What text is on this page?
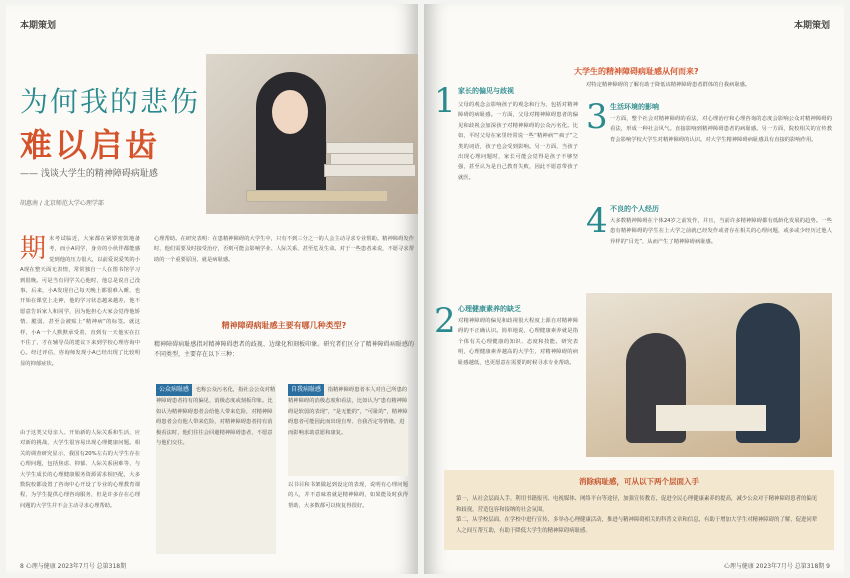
本期策划
为何我的悲伤
难以启齿
—— 浅谈大学生的精神障碍病耻感
胡惠南 / 北京师范大学心理学部
期 末考试临近，大家都在紧锣密鼓地备考，而小A同学，身旁的小伙伴都能感觉到他的压力很大，以前爱说爱笑的小A现在整天面无表情，常常独自一人在图书馆学习到很晚。可是当有同学关心他时，他总是说自己没事。后来，小A发现自己每天晚上都很难入睡，也开始在课堂上走神，他的学习状态越来越差，他不愿意告诉家人和同学，因为他担心大家会觉得他矫情、脆弱，甚至会被贴上“精神病”的标签。就这样，小A一个人默默承受着，直到有一天他实在扛不住了，才在辅导员的建议下来到学校心理咨询中心。经过评估，咨询师发现小A已经出现了比较明显的抑郁症状。
由于这类父母亲人、开始新的人际关系和生活，应对新的挑战，大学生很容易出现心理健康问题。相关的调查研究显示，我国有20%左右的大学生存在心理问题，包括焦虑、抑郁、人际关系困难等，与大学生成长的心理健康服务资源需求相匹配，大多数院校都设置了咨询中心开设了专业的心理教育课程，为学生提供心理咨询服务，但是许多存在心理问题的大学生并不会主动寻求心理帮助。
心理帮助。在研究表明：在患精神障碍的大学生中，只有不到三分之一的人会主动寻求专业帮助。精神障碍发作时，他们需要及时接受治疗，否则可能会影响学业、人际关系，甚至危及生命。对于一些患者来说，不愿寻求帮助的一个重要原因，就是病耻感。
精神障碍病耻感主要有哪几种类型?
精神障碍病耻感指对精神障碍患者的歧视、边缘化和刻板印象。研究者们区分了精神障碍病耻感的不同类型，主要存在以下三种：
公众病耻感 也称公众污名化，指社会公众对精神障碍患者持有的偏见、消极态度或刻板印象。比如认为精神障碍患者会给他人带来危险，对精神障碍患者会有他人带来危险，对精神障碍患者持有消极看法时，他们往往会回避精神障碍患者，不愿意与他们交往。
自我病耻感 指精神障碍患者本人对自己所患的精神障碍的消极态度和看法，比如认为“患有精神障碍是软弱的表现”，“是无能的”，“可耻的”，精神障碍患者可能因此而出现自卑、自我否定等情绪，进而影响求助意愿和康复。
以书目和书架做起到设定的表现，说明有心理问题的人，并不意味着就是精神障碍，如果能及时获得帮助，大多数都可以恢复得很好。
8 心理与健康 2023年7月号 总第318期
本期策划
大学生的精神障碍病耻感从何而来?
1 家长的偏见与歧视
父母的观念会影响孩子的观念和行为，包括对精神障碍的病耻感。一方面，父母对精神障碍患者的偏见和歧视会加深孩子对精神障碍的公众污名化。比如，平时父母在家里经常说一些“精神病”“疯子”之类的词语，孩子也会受到影响。另一方面，当孩子出现心理问题时，家长可能会觉得是孩子不够坚强，甚至认为是自己教育失败，因此不愿意带孩子就医。
2 心理健康素养的缺乏
对精神障碍的偏见和歧视很大程度上源自对精神障碍的不正确认识。简单地说，心理健康素养就是指个体有关心理健康的知识、态度和技能。研究表明，心理健康素养越高的大学生，对精神障碍的病耻感越低，也更愿意在需要的时候寻求专业帮助。
对特定精神障碍的了解有助于降低该精神障碍患者群体的自我病耻感。
3 生活环境的影响
一方面，整个社会对精神障碍的看法，对心理治疗和心理咨询的态度会影响公众对精神障碍的看法，形成一种社会风气。直接影响到精神障碍患者的病耻感。另一方面，院校相关的宣传教育会影响学校大学生对精神障碍的认识。对大学生精神障碍病耻感具有直接的影响作用。
4 不良的个人经历
大多数精神障碍在个体24岁之前发作，并且，当前许多精神障碍都有低龄化发展的趋势。一些患有精神障碍的学生在上大学之前就已经发作或者存在相关的心理问题，或多或少经历过他人异样的“目光”，从而产生了精神障碍病耻感。
消除病耻感，可从以下两个层面入手
第一，从社会层面入手。利用书籍报刊、电视媒体、网络平台等途径，加强宣传教育，促进全民心理健康素养的提高，减少公众对于精神障碍患者的偏见和歧视，营造包容和接纳的社会氛围。
第二，从学校层面。在学校中进行宣传，多举办心理健康活动，推进与精神障碍相关的科普文章和信息，有助于增加大学生对精神障碍的了解，促进同辈人之间互帮互助，有助于降低大学生的精神障碍病耻感。
心理与健康 2023年7月号 总第318期 9
